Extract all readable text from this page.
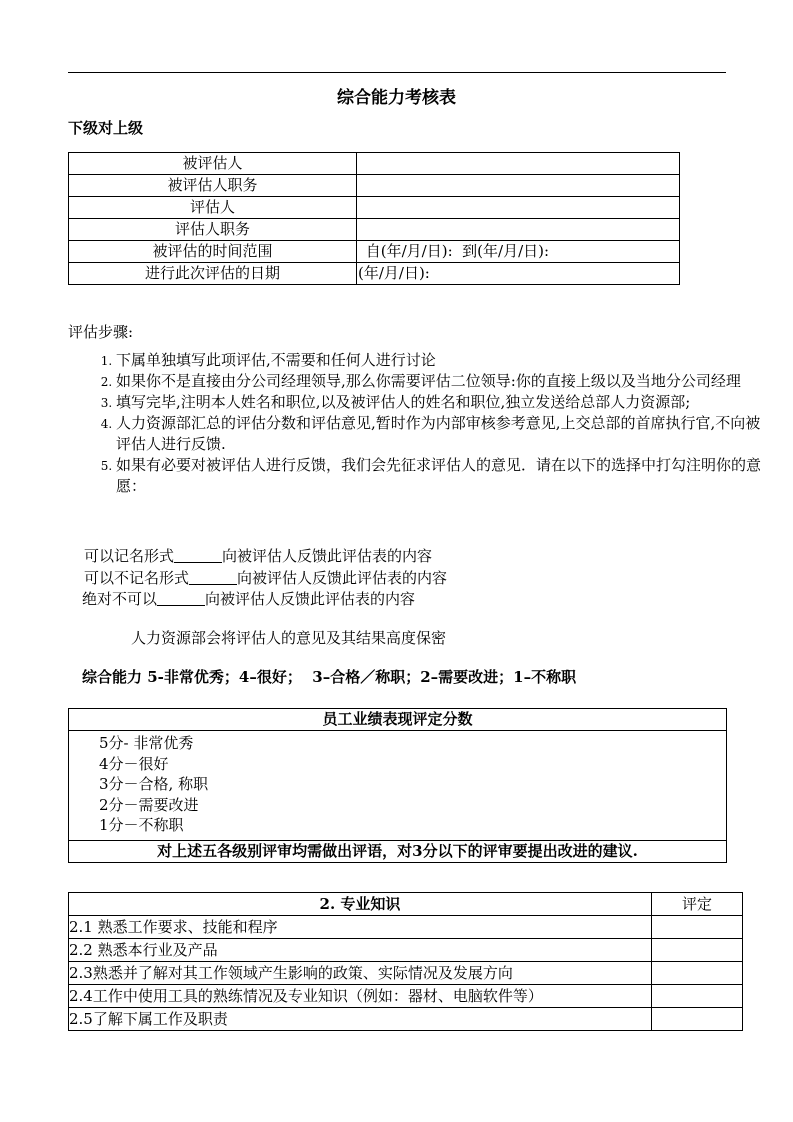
综合能力考核表
下级对上级
被评估人	
被评估人职务	
评估人	
评估人职务	
被评估的时间范围	自(年/月/日):  到(年/月/日):
进行此次评估的日期	(年/月/日):
评估步骤:
1. 下属单独填写此项评估,不需要和任何人进行讨论
2. 如果你不是直接由分公司经理领导,那么你需要评估二位领导:你的直接上级以及当地分公司经理
3. 填写完毕,注明本人姓名和职位,以及被评估人的姓名和职位,独立发送给总部人力资源部;
4. 人力资源部汇总的评估分数和评估意见,暂时作为内部审核参考意见,上交总部的首席执行官,不向被评估人进行反馈.
5. 如果有必要对被评估人进行反馈，我们会先征求评估人的意见．请在以下的选择中打勾注明你的意愿：
可以记名形式	向被评估人反馈此评估表的内容
可以不记名形式	向被评估人反馈此评估表的内容
绝对不可以	向被评估人反馈此评估表的内容
人力资源部会将评估人的意见及其结果高度保密
综合能力 5-非常优秀；4–很好；  3–合格／称职；2–需要改进；1–不称职
员工业绩表现评定分数

5分- 非常优秀
4分－很好
3分－合格, 称职
2分－需要改进
1分－不称职

对上述五各级别评审均需做出评语，对3分以下的评审要提出改进的建议.
2. 专业知识	评定
2.1 熟悉工作要求、技能和程序	
2.2 熟悉本行业及产品	
2.3熟悉并了解对其工作领域产生影响的政策、实际情况及发展方向	
2.4工作中使用工具的熟练情况及专业知识（例如：器材、电脑软件等）	
2.5了解下属工作及职责	
